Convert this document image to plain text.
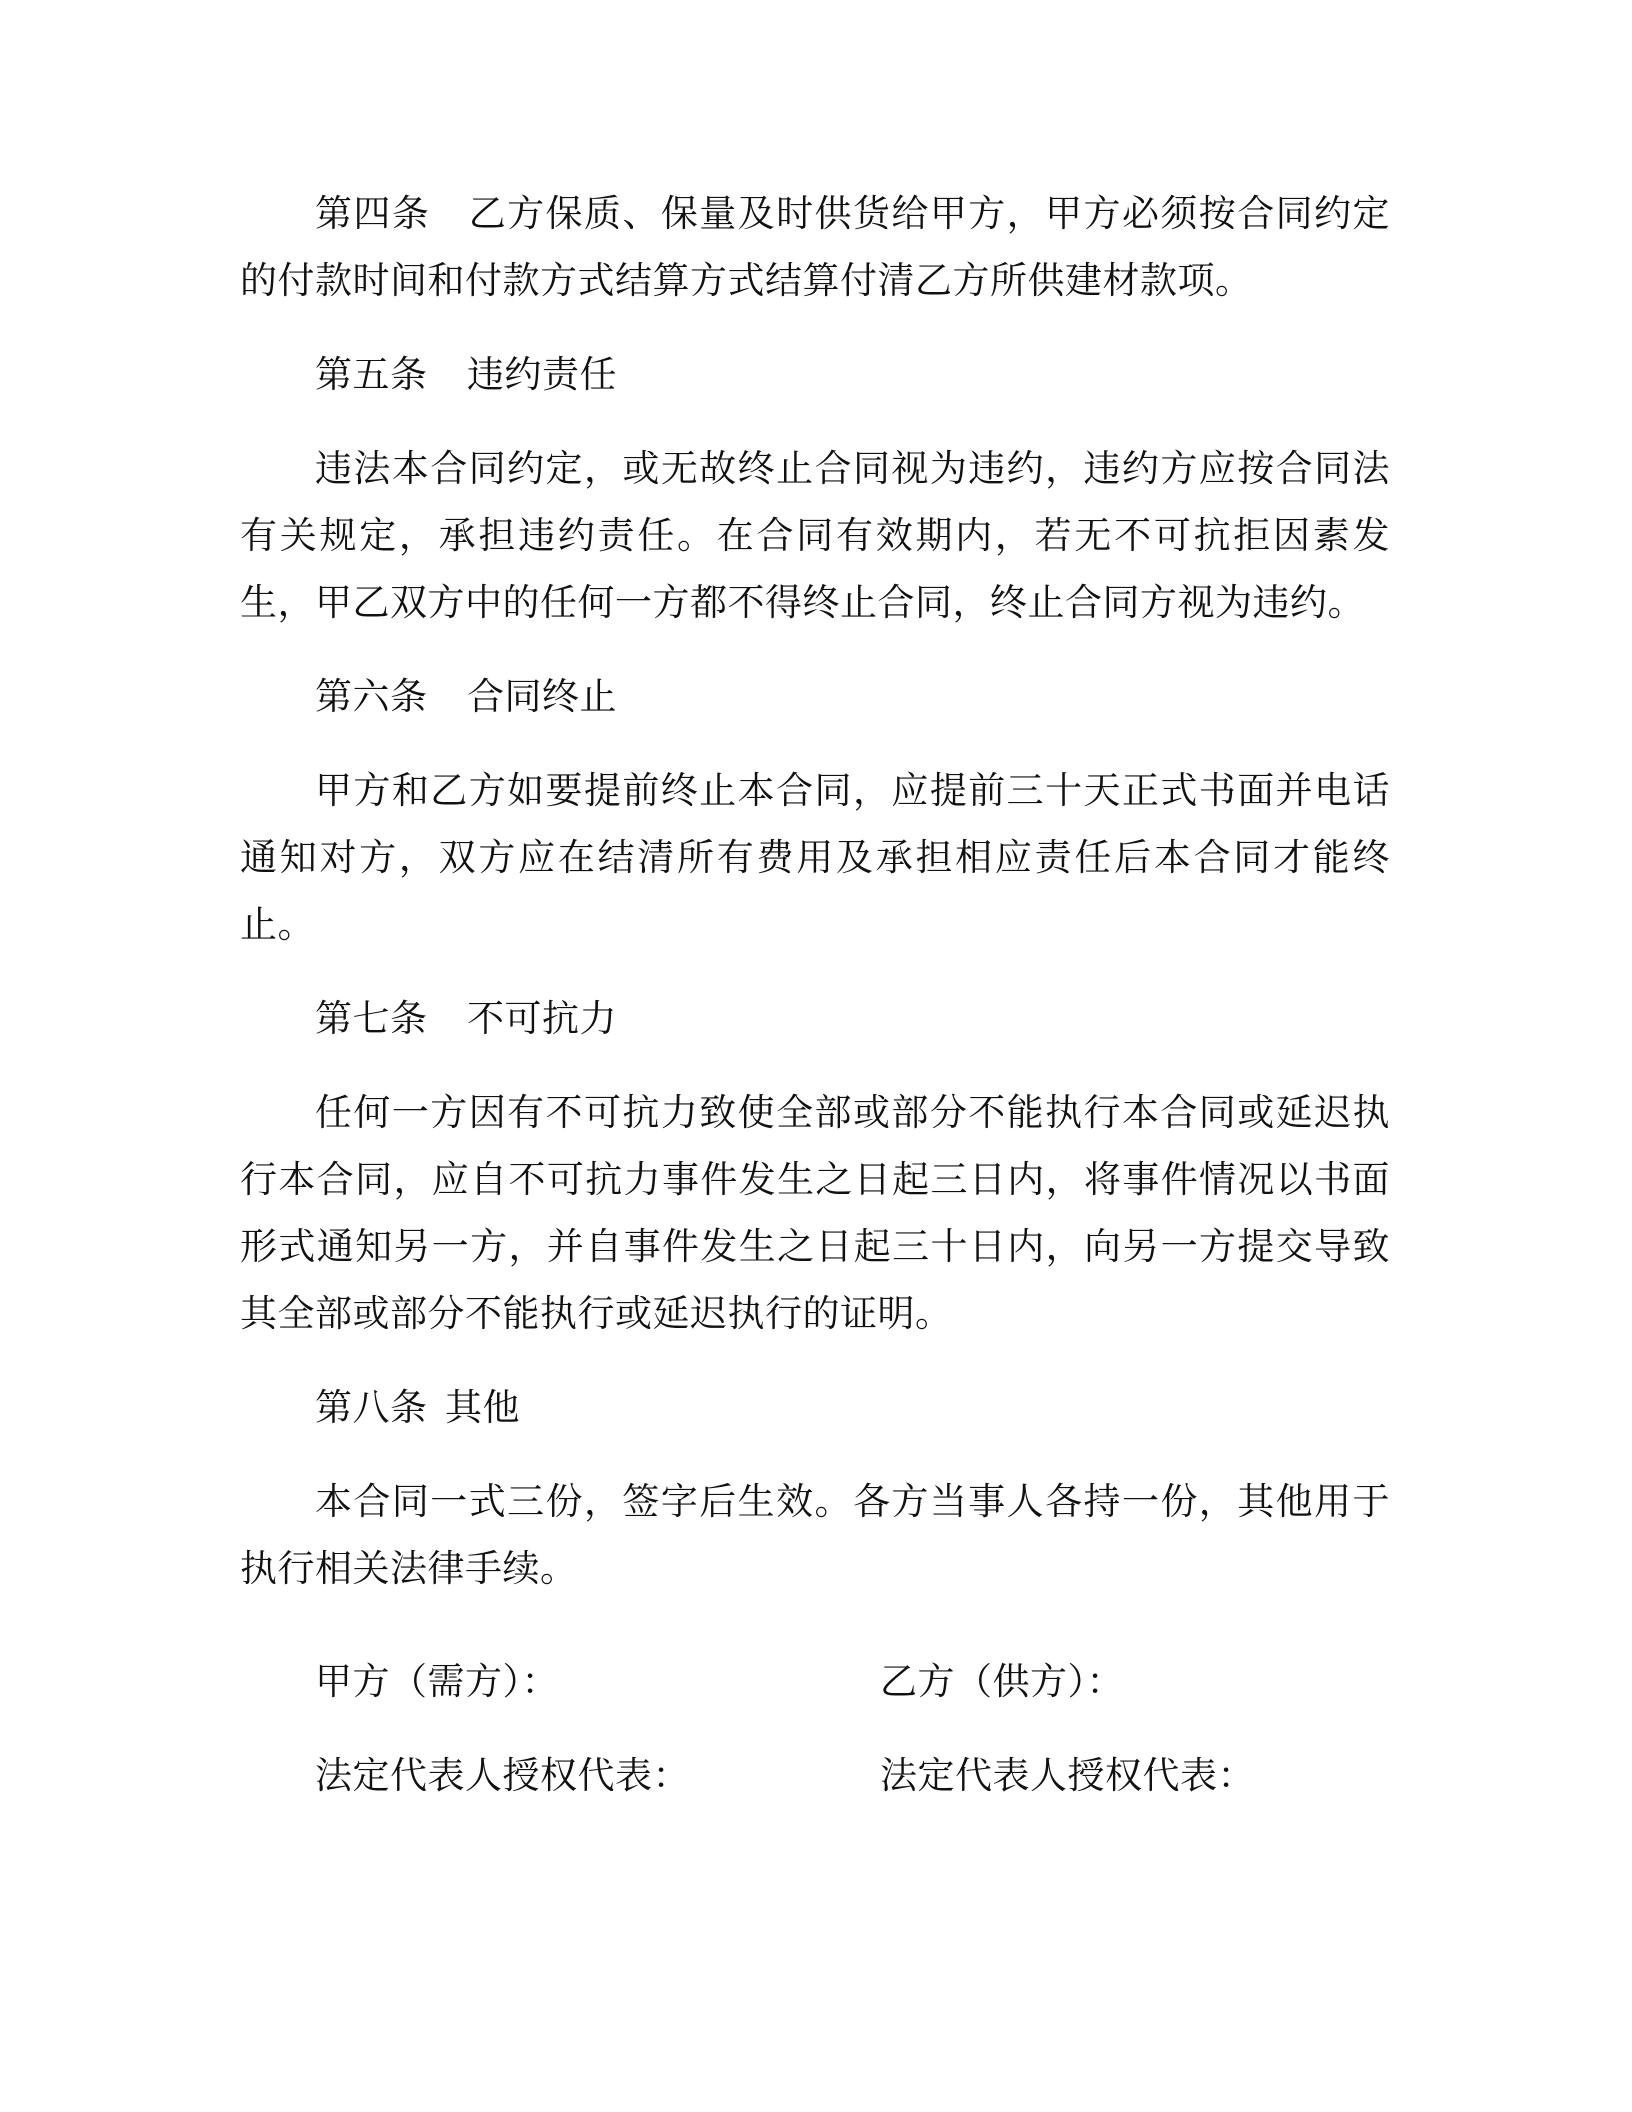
第四条  乙方保质、保量及时供货给甲方，甲方必须按合同约定的付款时间和付款方式结算方式结算付清乙方所供建材款项。

第五条 违约责任

违法本合同约定，或无故终止合同视为违约，违约方应按合同法有关规定，承担违约责任。在合同有效期内，若无不可抗拒因素发生，甲乙双方中的任何一方都不得终止合同，终止合同方视为违约。

第六条 合同终止

甲方和乙方如要提前终止本合同，应提前三十天正式书面并电话通知对方，双方应在结清所有费用及承担相应责任后本合同才能终止。

第七条 不可抗力

任何一方因有不可抗力致使全部或部分不能执行本合同或延迟执行本合同，应自不可抗力事件发生之日起三日内，将事件情况以书面形式通知另一方，并自事件发生之日起三十日内，向另一方提交导致其全部或部分不能执行或延迟执行的证明。

第八条 其他

本合同一式三份，签字后生效。各方当事人各持一份，其他用于执行相关法律手续。

甲方（需方）：	乙方（供方）：
法定代表人授权代表：	法定代表人授权代表：
